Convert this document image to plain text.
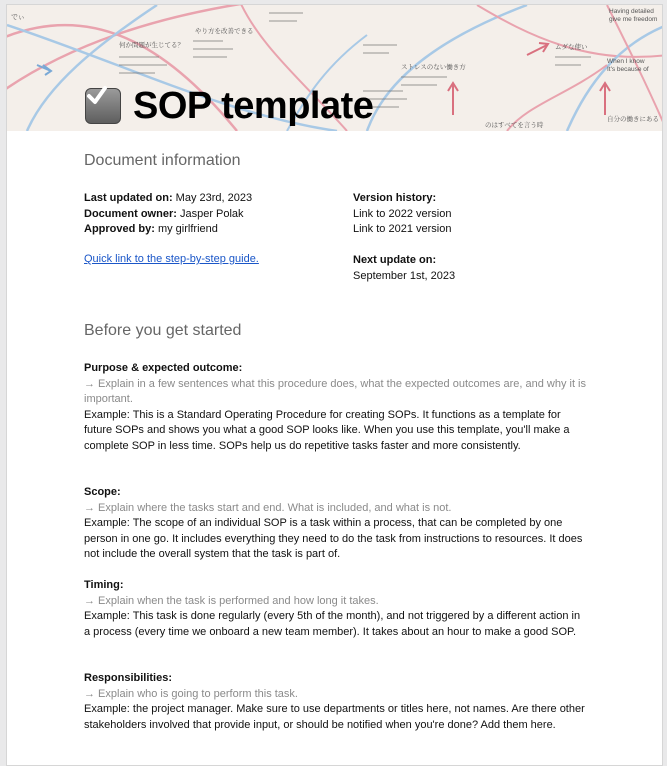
でぃ
何か問題が生じてる？
やり方を改善できる
ストレスのない働き方
ムダな使い
Having detailed
give me freedom
When I know
It's because of
自分の働きにある
のはすべてを言う時
SOP template
Document information
Last updated on: May 23rd, 2023
Document owner: Jasper Polak
Approved by: my girlfriend
Quick link to the step-by-step guide.
Version history:
Link to 2022 version
Link to 2021 version
Next update on:
September 1st, 2023
Before you get started
Purpose & expected outcome:
→ Explain in a few sentences what this procedure does, what the expected outcomes are, and why it is important.
Example: This is a Standard Operating Procedure for creating SOPs. It functions as a template for future SOPs and shows you what a good SOP looks like. When you use this template, you'll make a complete SOP in less time. SOPs help us do repetitive tasks faster and more consistently.
Scope:
→ Explain where the tasks start and end. What is included, and what is not.
Example: The scope of an individual SOP is a task within a process, that can be completed by one person in one go. It includes everything they need to do the task from instructions to resources. It does not include the overall system that the task is part of.
Timing:
→ Explain when the task is performed and how long it takes.
Example: This task is done regularly (every 5th of the month), and not triggered by a different action in a process (every time we onboard a new team member). It takes about an hour to make a good SOP.
Responsibilities:
→ Explain who is going to perform this task.
Example: the project manager. Make sure to use departments or titles here, not names. Are there other stakeholders involved that provide input, or should be notified when you're done? Add them here.
